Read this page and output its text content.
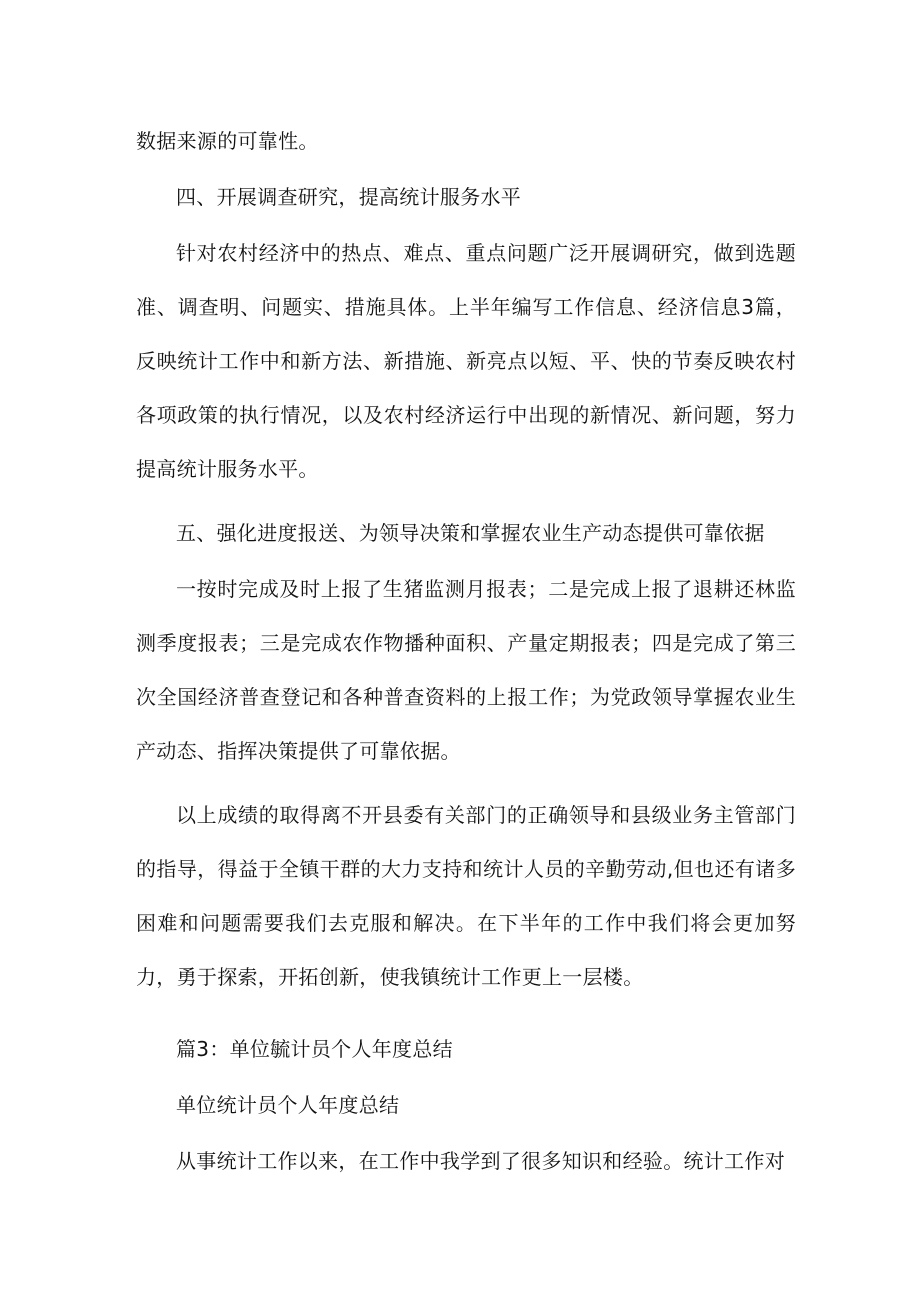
数据来源的可靠性。

四、开展调查研究，提高统计服务水平

针对农村经济中的热点、难点、重点问题广泛开展调研究，做到选题准、调查明、问题实、措施具体。上半年编写工作信息、经济信息3篇，反映统计工作中和新方法、新措施、新亮点以短、平、快的节奏反映农村各项政策的执行情况，以及农村经济运行中出现的新情况、新问题，努力提高统计服务水平。

五、强化进度报送、为领导决策和掌握农业生产动态提供可靠依据

一按时完成及时上报了生猪监测月报表；二是完成上报了退耕还林监测季度报表；三是完成农作物播种面积、产量定期报表；四是完成了第三次全国经济普查登记和各种普查资料的上报工作；为党政领导掌握农业生产动态、指挥决策提供了可靠依据。

以上成绩的取得离不开县委有关部门的正确领导和县级业务主管部门的指导，得益于全镇干群的大力支持和统计人员的辛勤劳动,但也还有诸多困难和问题需要我们去克服和解决。在下半年的工作中我们将会更加努力，勇于探索，开拓创新，使我镇统计工作更上一层楼。

篇3：单位毓计员个人年度总结

单位统计员个人年度总结

从事统计工作以来，在工作中我学到了很多知识和经验。统计工作对
